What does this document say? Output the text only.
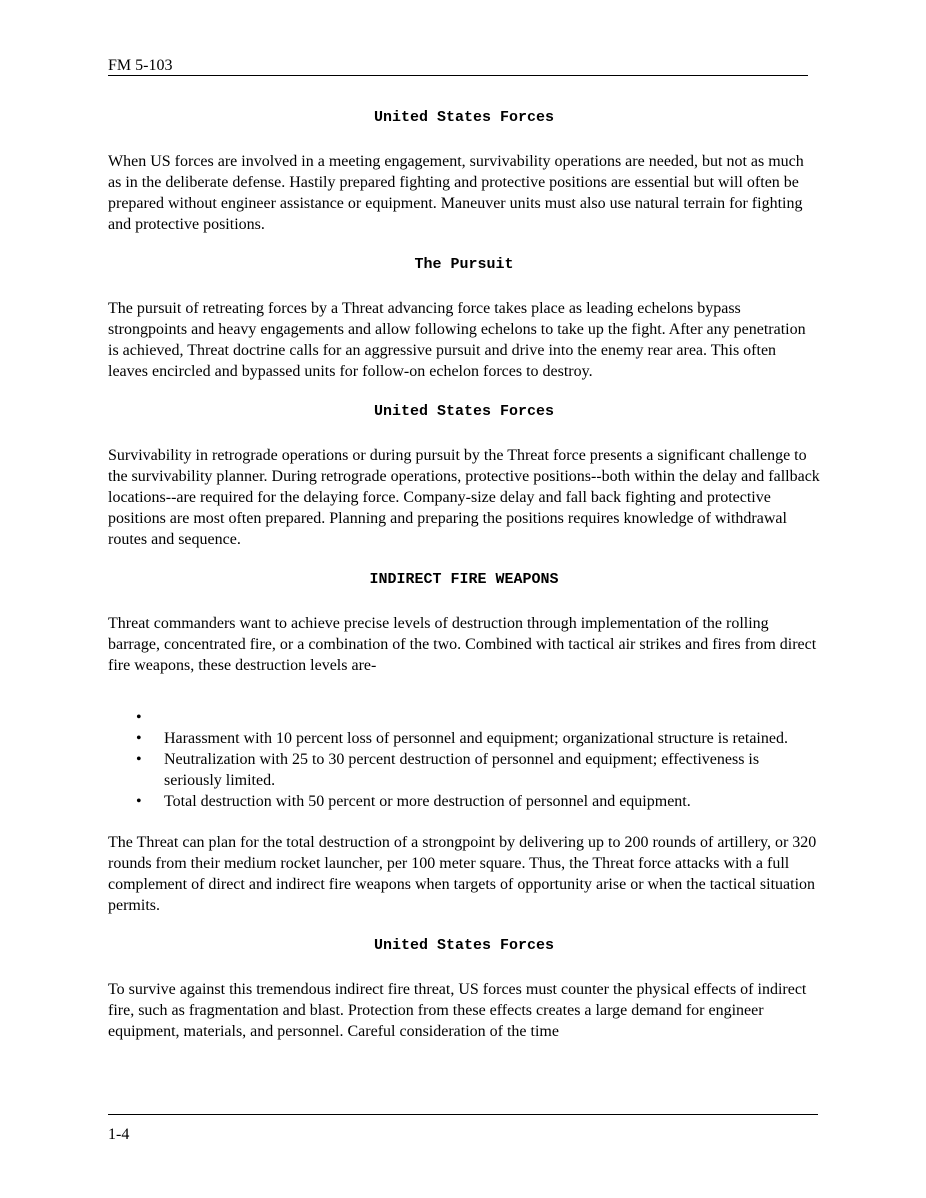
FM 5-103
United States Forces

When US forces are involved in a meeting engagement, survivability operations are needed, but not as much as in the deliberate defense. Hastily prepared fighting and protective positions are essential but will often be prepared without engineer assistance or equipment. Maneuver units must also use natural terrain for fighting and protective positions.

The Pursuit

The pursuit of retreating forces by a Threat advancing force takes place as leading echelons bypass strongpoints and heavy engagements and allow following echelons to take up the fight. After any penetration is achieved, Threat doctrine calls for an aggressive pursuit and drive into the enemy rear area. This often leaves encircled and bypassed units for follow-on echelon forces to destroy.

United States Forces

Survivability in retrograde operations or during pursuit by the Threat force presents a significant challenge to the survivability planner. During retrograde operations, protective positions--both within the delay and fallback locations--are required for the delaying force. Company-size delay and fall back fighting and protective positions are most often prepared. Planning and preparing the positions requires knowledge of withdrawal routes and sequence.

INDIRECT FIRE WEAPONS

Threat commanders want to achieve precise levels of destruction through implementation of the rolling barrage, concentrated fire, or a combination of the two. Combined with tactical air strikes and fires from direct fire weapons, these destruction levels are-

•

• Harassment with 10 percent loss of personnel and equipment; organizational structure is retained.
• Neutralization with 25 to 30 percent destruction of personnel and equipment; effectiveness is seriously limited.
• Total destruction with 50 percent or more destruction of personnel and equipment.

The Threat can plan for the total destruction of a strongpoint by delivering up to 200 rounds of artillery, or 320 rounds from their medium rocket launcher, per 100 meter square. Thus, the Threat force attacks with a full complement of direct and indirect fire weapons when targets of opportunity arise or when the tactical situation permits.

United States Forces

To survive against this tremendous indirect fire threat, US forces must counter the physical effects of indirect fire, such as fragmentation and blast. Protection from these effects creates a large demand for engineer equipment, materials, and personnel. Careful consideration of the time

1-4
